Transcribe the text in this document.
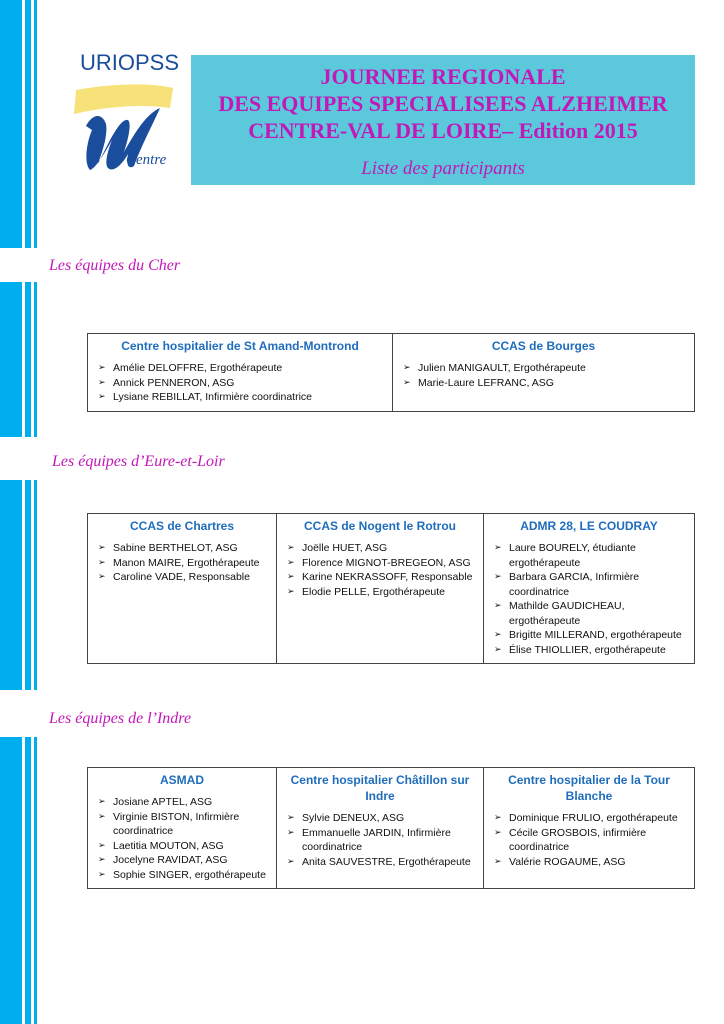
URIOPSS
Centre
JOURNEE REGIONALE
DES EQUIPES SPECIALISEES ALZHEIMER
CENTRE-VAL DE LOIRE– Edition 2015
Liste des participants
Les équipes du Cher
Centre hospitalier de St Amand-Montrond
➢ Amélie DELOFFRE, Ergothérapeute
➢ Annick PENNERON, ASG
➢ Lysiane REBILLAT, Infirmière coordinatrice

CCAS de Bourges
➢ Julien MANIGAULT, Ergothérapeute
➢ Marie-Laure LEFRANC, ASG
Les équipes d’Eure-et-Loir
CCAS de Chartres
➢ Sabine BERTHELOT, ASG
➢ Manon MAIRE, Ergothérapeute
➢ Caroline VADE, Responsable

CCAS de Nogent le Rotrou
➢ Joëlle HUET, ASG
➢ Florence MIGNOT-BREGEON, ASG
➢ Karine NEKRASSOFF, Responsable
➢ Elodie PELLE, Ergothérapeute

ADMR 28, LE COUDRAY
➢ Laure BOURELY, étudiante ergothérapeute
➢ Barbara GARCIA, Infirmière coordinatrice
➢ Mathilde GAUDICHEAU, ergothérapeute
➢ Brigitte MILLERAND, ergothérapeute
➢ Élise THIOLLIER, ergothérapeute
Les équipes de l’Indre
ASMAD
➢ Josiane APTEL, ASG
➢ Virginie BISTON, Infirmière coordinatrice
➢ Laetitia MOUTON, ASG
➢ Jocelyne RAVIDAT, ASG
➢ Sophie SINGER, ergothérapeute

Centre hospitalier Châtillon sur Indre
➢ Sylvie DENEUX, ASG
➢ Emmanuelle JARDIN, Infirmière coordinatrice
➢ Anita SAUVESTRE, Ergothérapeute

Centre hospitalier de la Tour Blanche
➢ Dominique FRULIO, ergothérapeute
➢ Cécile GROSBOIS, infirmière coordinatrice
➢ Valérie ROGAUME, ASG
